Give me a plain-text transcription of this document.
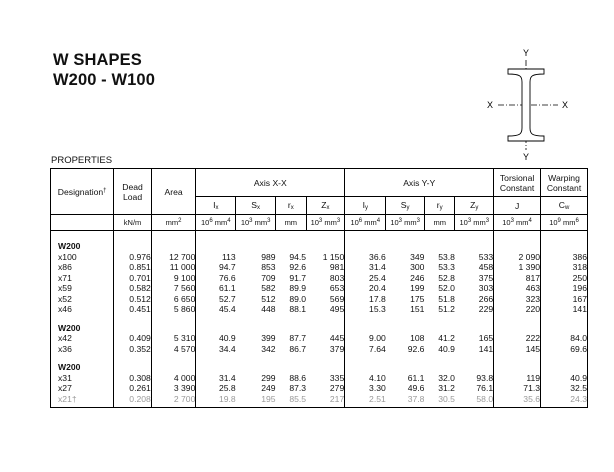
W SHAPES
W200 - W100
Y
X	X
Y
PROPERTIES
Designation†	Dead Load	Area	Axis X-X				Axis Y-Y				Torsional Constant	Warping Constant
			$I_x$	$S_x$	$r_x$	$Z_x$	$I_y$	$S_y$	$r_y$	$Z_y$	J	$C_w$
	kN/m	$mm^2$	$10^6$ $mm^4$	$10^3$ $mm^3$	mm	$10^3$ $mm^3$	$10^6$ $mm^4$	$10^3$ $mm^3$	mm	$10^3$ $mm^3$	$10^3$ $mm^4$	$10^9$ $mm^6$

W200												
x100	0.976	12 700	113	989	94.5	1 150	36.6	349	53.8	533	2 090	386
x86	0.851	11 000	94.7	853	92.6	981	31.4	300	53.3	458	1 390	318
x71	0.701	9 100	76.6	709	91.7	803	25.4	246	52.8	375	817	250
x59	0.582	7 560	61.1	582	89.9	653	20.4	199	52.0	303	463	196
x52	0.512	6 650	52.7	512	89.0	569	17.8	175	51.8	266	323	167
x46	0.451	5 860	45.4	448	88.1	495	15.3	151	51.2	229	220	141

W200												
x42	0.409	5 310	40.9	399	87.7	445	9.00	108	41.2	165	222	84.0
x36	0.352	4 570	34.4	342	86.7	379	7.64	92.6	40.9	141	145	69.6

W200												
x31	0.308	4 000	31.4	299	88.6	335	4.10	61.1	32.0	93.8	119	40.9
x27	0.261	3 390	25.8	249	87.3	279	3.30	49.6	31.2	76.1	71.3	32.5
x21†	0.208	2 700	19.8	195	85.5	217	2.51	37.8	30.5	58.0	35.6	24.3
